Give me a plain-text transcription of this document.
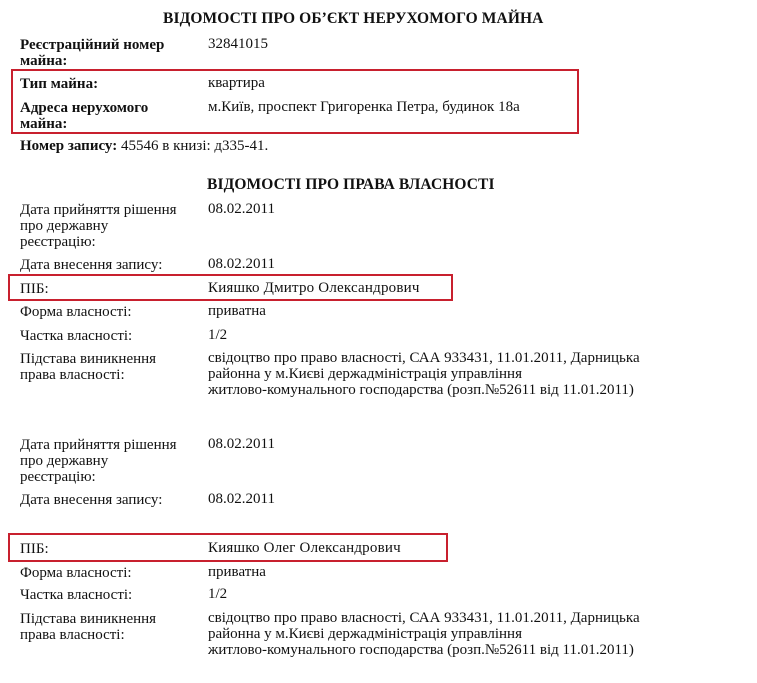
ВІДОМОСТІ ПРО ОБ’ЄКТ НЕРУХОМОГО МАЙНА
Реєстраційний номер
майна:
32841015
Тип майна:	квартира
Адреса нерухомого
майна:
м.Київ, проспект Григоренка Петра, будинок 18а
Номер запису: 45546 в книзі: д335-41.
ВІДОМОСТІ ПРО ПРАВА ВЛАСНОСТІ
Дата прийняття рішення
про державну
реєстрацію:
08.02.2011
Дата внесення запису:	08.02.2011
ПІБ:	Кияшко Дмитро Олександрович
Форма власності:	приватна
Частка власності:	1/2
Підстава виникнення
права власності:
свідоцтво про право власності, САА 933431, 11.01.2011, Дарницька
районна у м.Києві держадміністрація управління
житлово-комунального господарства (розп.№52611 від 11.01.2011)
Дата прийняття рішення
про державну
реєстрацію:
08.02.2011
Дата внесення запису:	08.02.2011
ПІБ:	Кияшко Олег Олександрович
Форма власності:	приватна
Частка власності:	1/2
Підстава виникнення
права власності:
свідоцтво про право власності, САА 933431, 11.01.2011, Дарницька
районна у м.Києві держадміністрація управління
житлово-комунального господарства (розп.№52611 від 11.01.2011)
